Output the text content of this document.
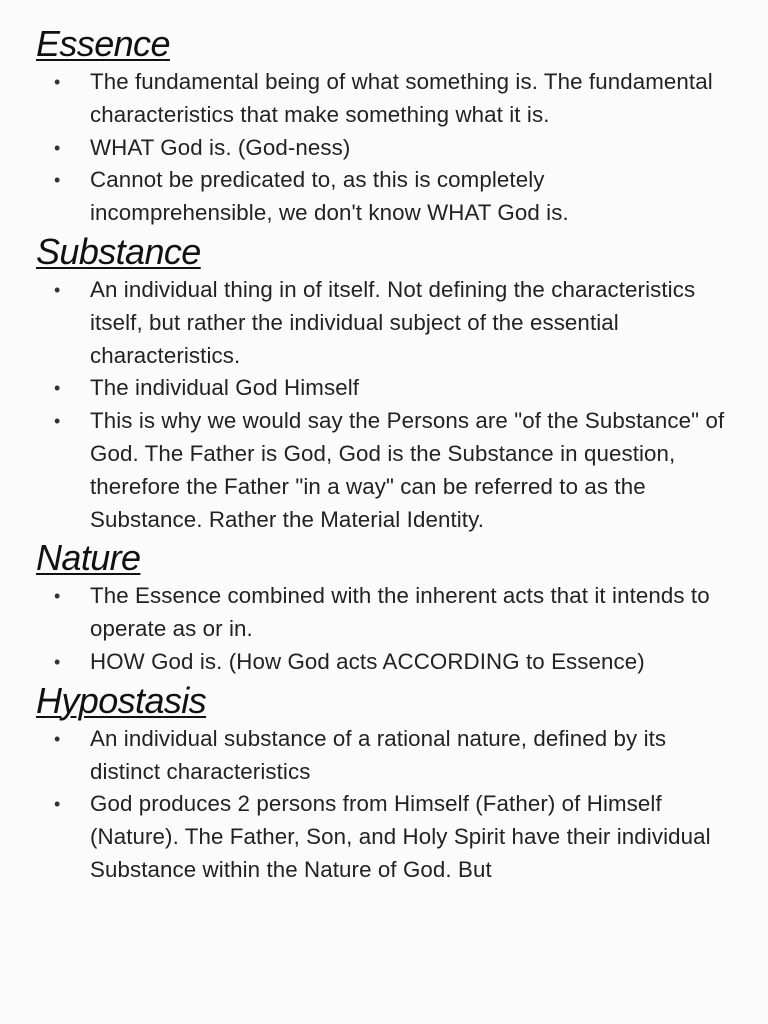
Essence
• The fundamental being of what something is. The fundamental characteristics that make something what it is.
• WHAT God is. (God-ness)
• Cannot be predicated to, as this is completely incomprehensible, we don't know WHAT God is.
Substance
• An individual thing in of itself. Not defining the characteristics itself, but rather the individual subject of the essential characteristics.
• The individual God Himself
• This is why we would say the Persons are "of the Substance" of God. The Father is God, God is the Substance in question, therefore the Father "in a way" can be referred to as the Substance. Rather the Material Identity.
Nature
• The Essence combined with the inherent acts that it intends to operate as or in.
• HOW God is. (How God acts ACCORDING to Essence)
Hypostasis
• An individual substance of a rational nature, defined by its distinct characteristics
• God produces 2 persons from Himself (Father) of Himself (Nature). The Father, Son, and Holy Spirit have their individual Substance within the Nature of God. But
